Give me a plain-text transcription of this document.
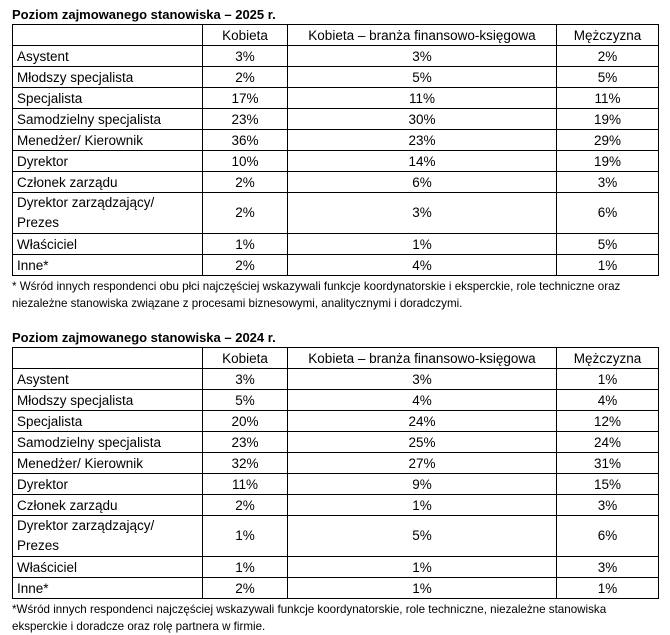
Poziom zajmowanego stanowiska – 2025 r.
	Kobieta	Kobieta – branża finansowo-księgowa	Mężczyzna
Asystent	3%	3%	2%
Młodszy specjalista	2%	5%	5%
Specjalista	17%	11%	11%
Samodzielny specjalista	23%	30%	19%
Menedżer/ Kierownik	36%	23%	29%
Dyrektor	10%	14%	19%
Członek zarządu	2%	6%	3%
Dyrektor zarządzający/ Prezes	2%	3%	6%
Właściciel	1%	1%	5%
Inne*	2%	4%	1%
* Wśród innych respondenci obu płci najczęściej wskazywali funkcje koordynatorskie i eksperckie, role techniczne oraz niezależne stanowiska związane z procesami biznesowymi, analitycznymi i doradczymi.
Poziom zajmowanego stanowiska – 2024 r.
	Kobieta	Kobieta – branża finansowo-księgowa	Mężczyzna
Asystent	3%	3%	1%
Młodszy specjalista	5%	4%	4%
Specjalista	20%	24%	12%
Samodzielny specjalista	23%	25%	24%
Menedżer/ Kierownik	32%	27%	31%
Dyrektor	11%	9%	15%
Członek zarządu	2%	1%	3%
Dyrektor zarządzający/ Prezes	1%	5%	6%
Właściciel	1%	1%	3%
Inne*	2%	1%	1%
*Wśród innych respondenci najczęściej wskazywali funkcje koordynatorskie, role techniczne, niezależne stanowiska eksperckie i doradcze oraz rolę partnera w firmie.
